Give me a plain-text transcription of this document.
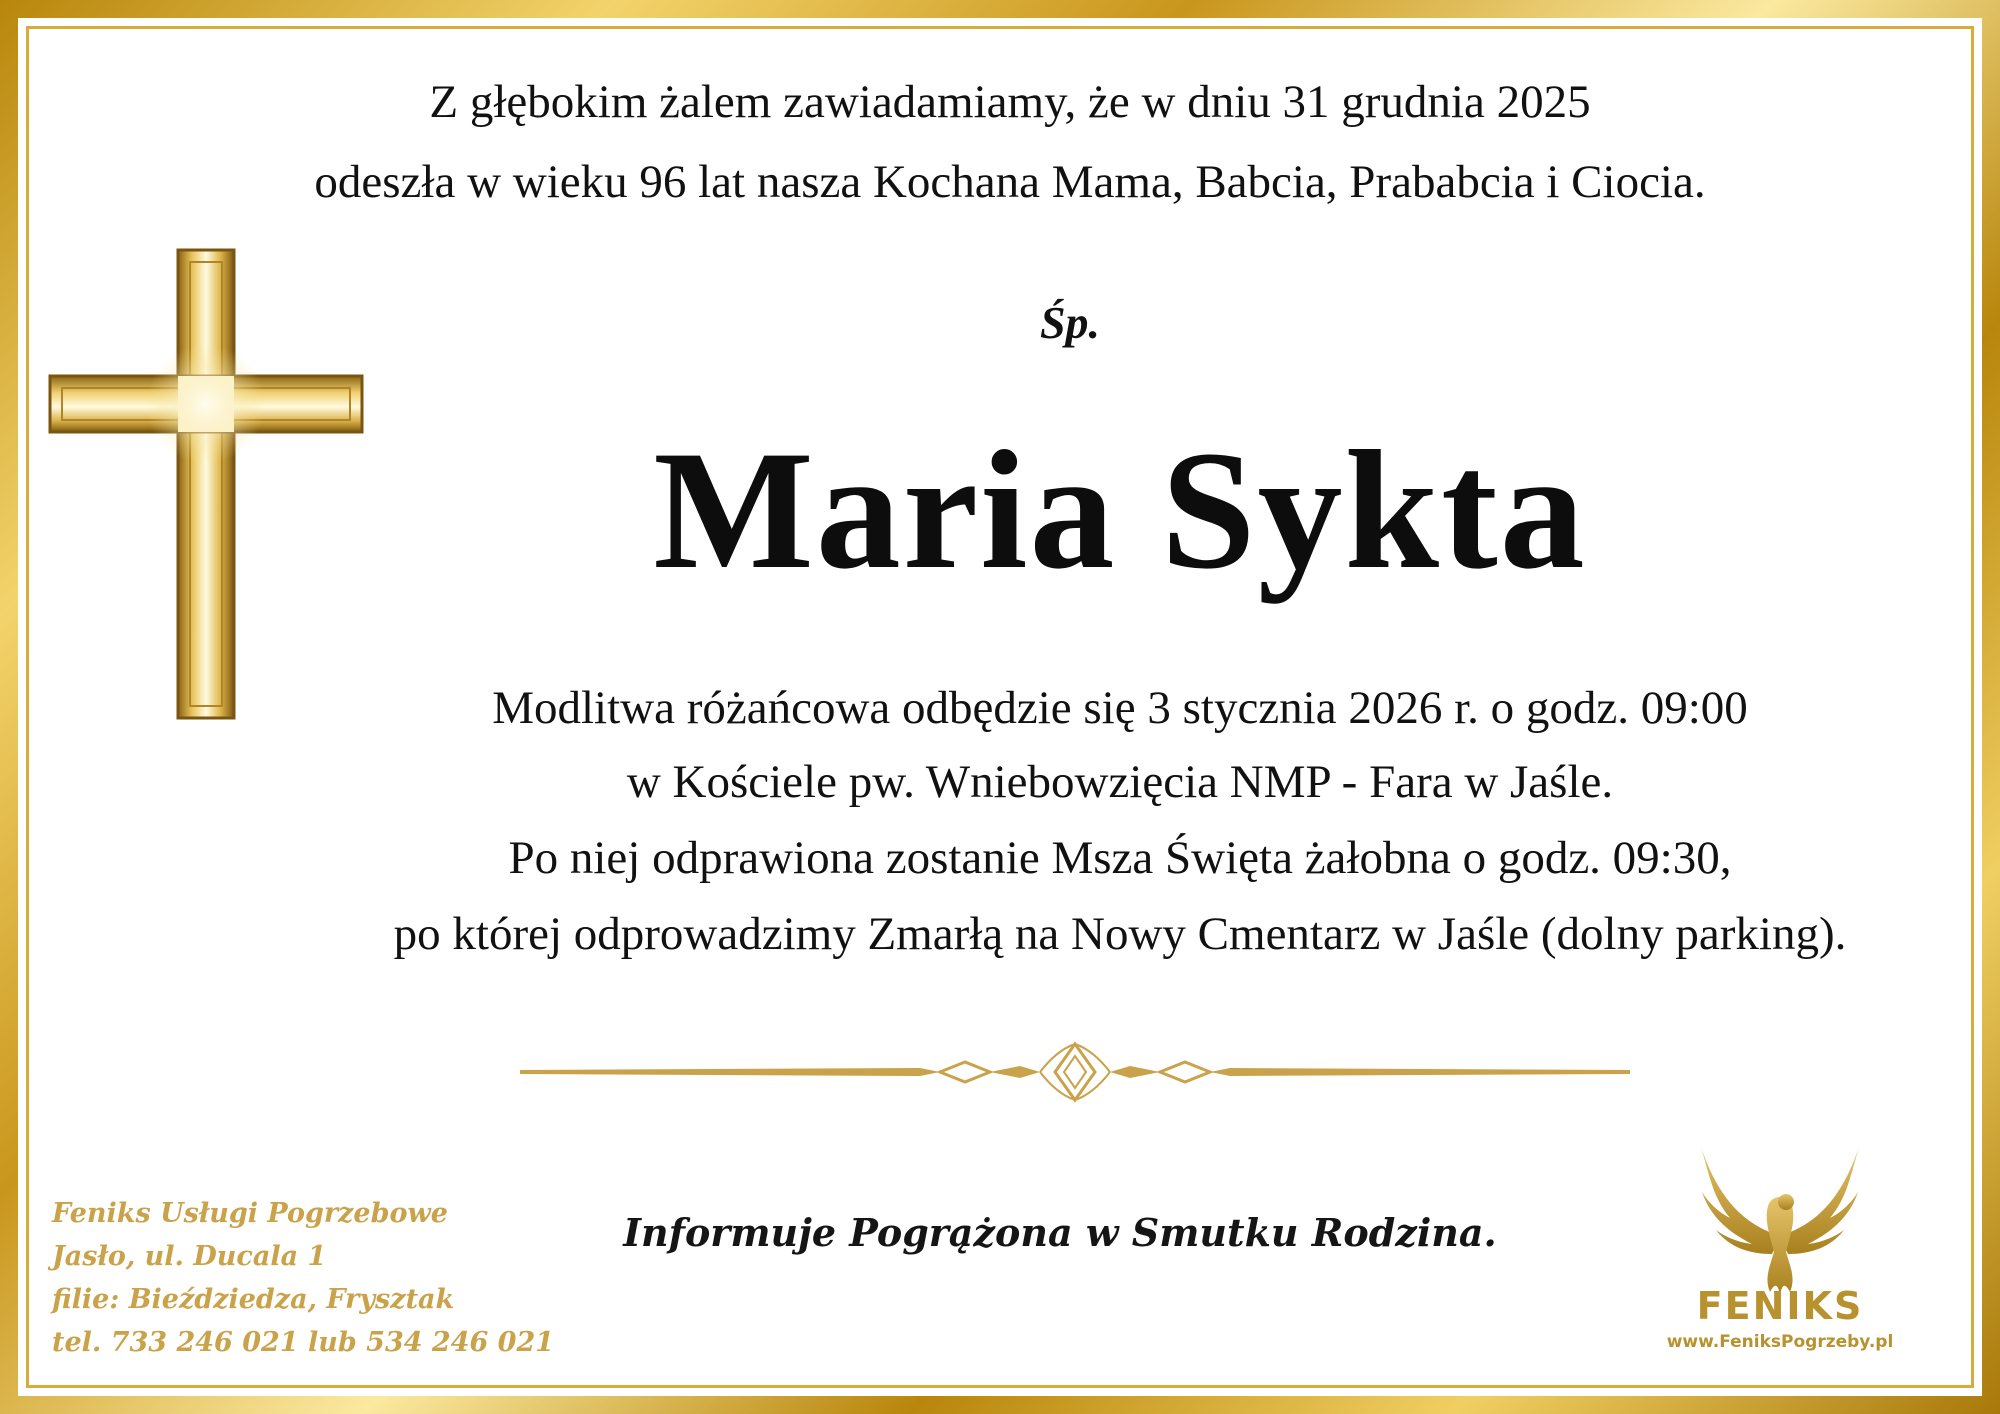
Z głębokim żalem zawiadamiamy, że w dniu 31 grudnia 2025
odeszła w wieku 96 lat nasza Kochana Mama, Babcia, Prababcia i Ciocia.
Śp.
Maria Sykta
Modlitwa różańcowa odbędzie się 3 stycznia 2026 r. o godz. 09:00
w Kościele pw. Wniebowzięcia NMP - Fara w Jaśle.
Po niej odprawiona zostanie Msza Święta żałobna o godz. 09:30,
po której odprowadzimy Zmarłą na Nowy Cmentarz w Jaśle (dolny parking).
Informuje Pogrążona w Smutku Rodzina.
Feniks Usługi Pogrzebowe
Jasło, ul. Ducala 1
filie: Bieździedza, Frysztak
tel. 733 246 021 lub 534 246 021
FENIKS
www.FeniksPogrzeby.pl
